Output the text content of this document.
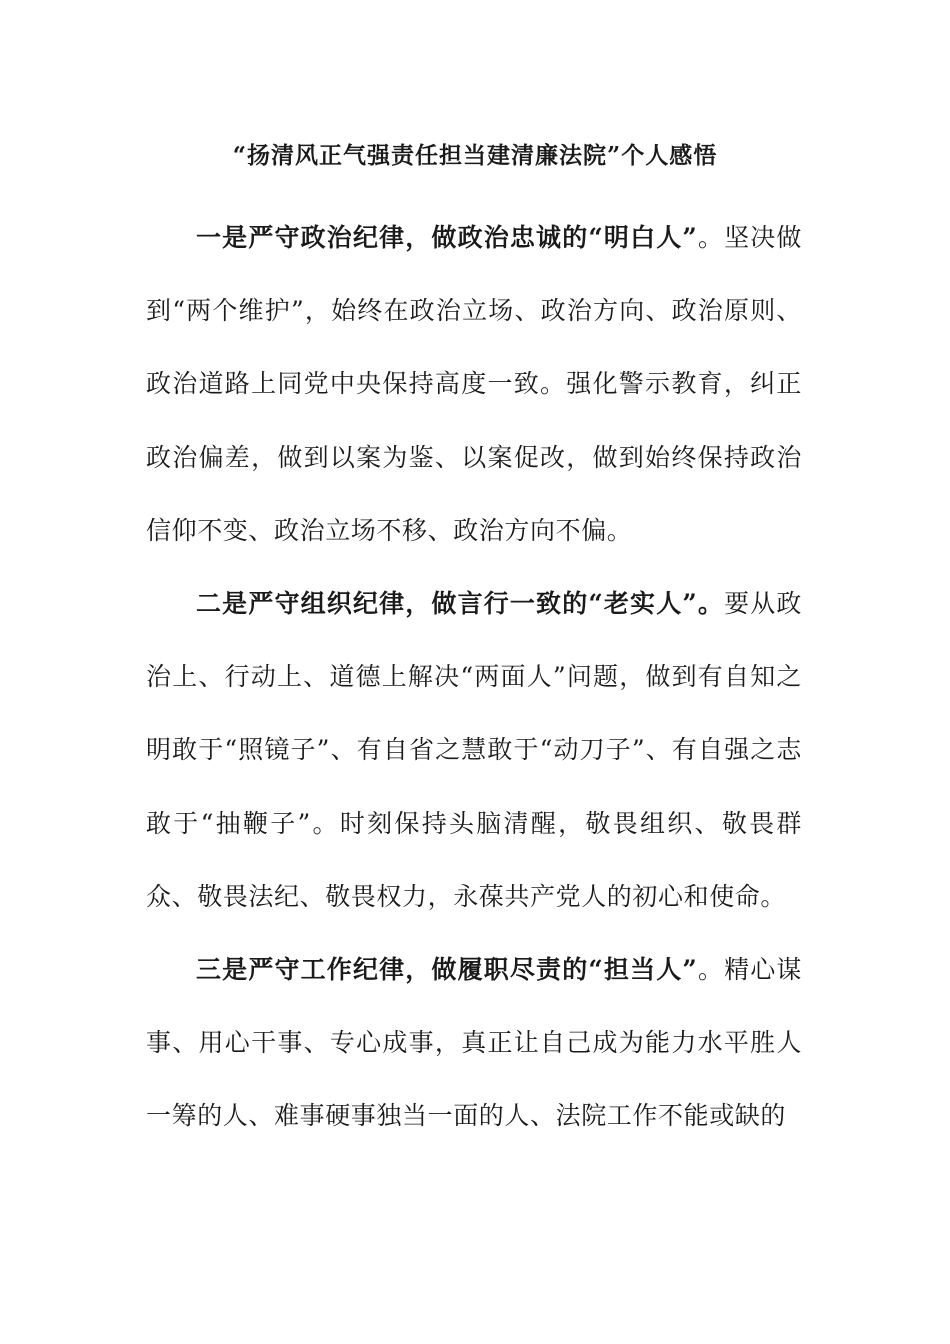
“扬清风正气强责任担当建清廉法院”个人感悟

一是严守政治纪律，做政治忠诚的“明白人”。坚决做到“两个维护”，始终在政治立场、政治方向、政治原则、政治道路上同党中央保持高度一致。强化警示教育，纠正政治偏差，做到以案为鉴、以案促改，做到始终保持政治信仰不变、政治立场不移、政治方向不偏。

二是严守组织纪律，做言行一致的“老实人”。要从政治上、行动上、道德上解决“两面人”问题，做到有自知之明敢于“照镜子”、有自省之慧敢于“动刀子”、有自强之志敢于“抽鞭子”。时刻保持头脑清醒，敬畏组织、敬畏群众、敬畏法纪、敬畏权力，永葆共产党人的初心和使命。

三是严守工作纪律，做履职尽责的“担当人”。精心谋事、用心干事、专心成事，真正让自己成为能力水平胜人一筹的人、难事硬事独当一面的人、法院工作不能或缺的
